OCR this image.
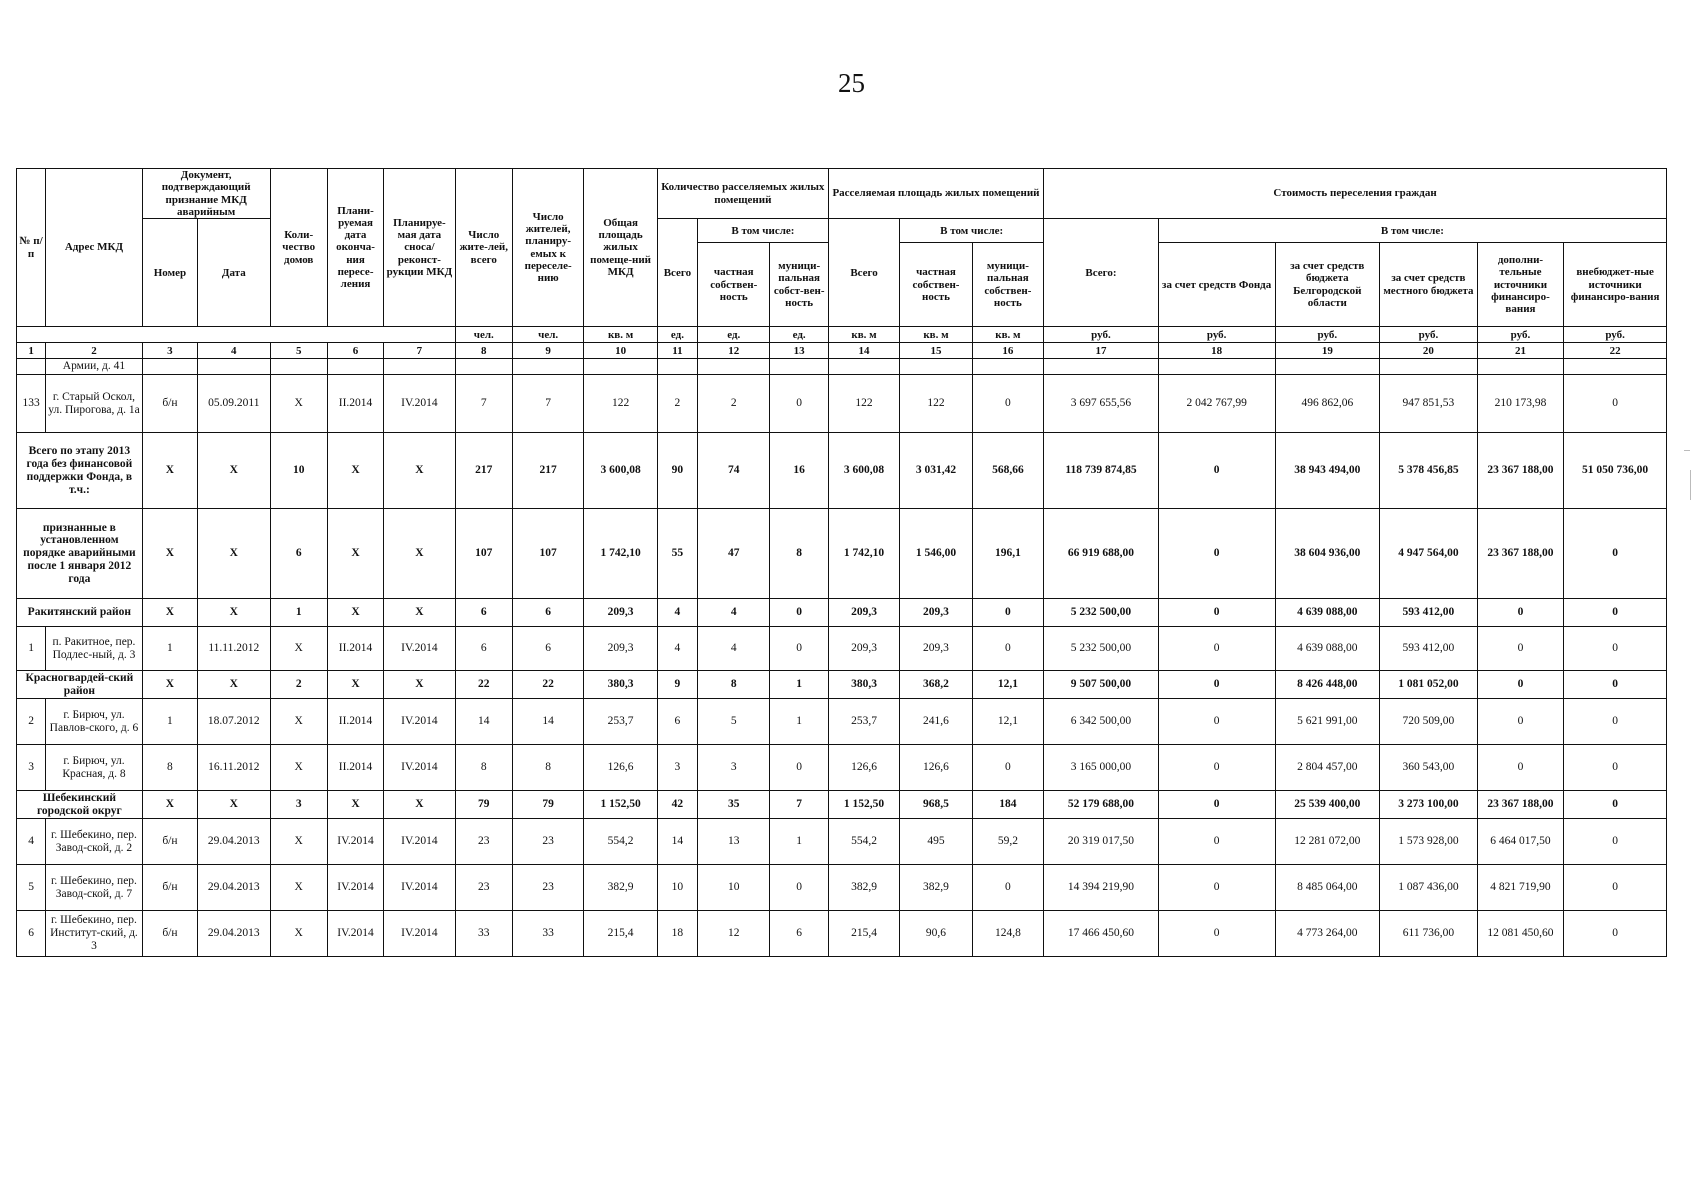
25
№ п/п	Адрес МКД	Документ, подтверждающий признание МКД аварийным		Коли-чество домов	Плани-руемая дата оконча-ния пересе-ления	Планируе-мая дата сноса/ реконст-рукции МКД	Число жите-лей, всего	Число жителей, планиру-емых к переселе-нию	Общая площадь жилых помеще-ний МКД	Количество расселяемых жилых помещений			Расселяемая площадь жилых помещений			Стоимость переселения граждан					
		Номер	Дата							Всего	В том числе:		Всего	В том числе:		Всего:	В том числе:				
											частная собствен-ность	муници-пальная собст-вен-ность		частная собствен-ность	муници-пальная собствен-ность		за счет средств Фонда	за счет средств бюджета Белгородской области	за счет средств местного бюджета	дополни-тельные источники финансиро-вания	внебюджет-ные источники финансиро-вания
							чел.	чел.	кв. м	ед.	ед.	ед.	кв. м	кв. м	кв. м	руб.	руб.	руб.	руб.	руб.	руб.
1	2	3	4	5	6	7	8	9	10	11	12	13	14	15	16	17	18	19	20	21	22
	Армии, д. 41																				
133	г. Старый Оскол, ул. Пирогова, д. 1а	б/н	05.09.2011	X	II.2014	IV.2014	7	7	122	2	2	0	122	122	0	3 697 655,56	2 042 767,99	496 862,06	947 851,53	210 173,98	0
Всего по этапу 2013 года без финансовой поддержки Фонда, в т.ч.:		X	X	10	X	X	217	217	3 600,08	90	74	16	3 600,08	3 031,42	568,66	118 739 874,85	0	38 943 494,00	5 378 456,85	23 367 188,00	51 050 736,00
признанные в установленном порядке аварийными после 1 января 2012 года		X	X	6	X	X	107	107	1 742,10	55	47	8	1 742,10	1 546,00	196,1	66 919 688,00	0	38 604 936,00	4 947 564,00	23 367 188,00	0
Ракитянский район		X	X	1	X	X	6	6	209,3	4	4	0	209,3	209,3	0	5 232 500,00	0	4 639 088,00	593 412,00	0	0
1	п. Ракитное, пер. Подлес-ный, д. 3	1	11.11.2012	X	II.2014	IV.2014	6	6	209,3	4	4	0	209,3	209,3	0	5 232 500,00	0	4 639 088,00	593 412,00	0	0
Красногвардей-ский район		X	X	2	X	X	22	22	380,3	9	8	1	380,3	368,2	12,1	9 507 500,00	0	8 426 448,00	1 081 052,00	0	0
2	г. Бирюч, ул. Павлов-ского, д. 6	1	18.07.2012	X	II.2014	IV.2014	14	14	253,7	6	5	1	253,7	241,6	12,1	6 342 500,00	0	5 621 991,00	720 509,00	0	0
3	г. Бирюч, ул. Красная, д. 8	8	16.11.2012	X	II.2014	IV.2014	8	8	126,6	3	3	0	126,6	126,6	0	3 165 000,00	0	2 804 457,00	360 543,00	0	0
Шебекинский городской округ		X	X	3	X	X	79	79	1 152,50	42	35	7	1 152,50	968,5	184	52 179 688,00	0	25 539 400,00	3 273 100,00	23 367 188,00	0
4	г. Шебекино, пер. Завод-ской, д. 2	б/н	29.04.2013	X	IV.2014	IV.2014	23	23	554,2	14	13	1	554,2	495	59,2	20 319 017,50	0	12 281 072,00	1 573 928,00	6 464 017,50	0
5	г. Шебекино, пер. Завод-ской, д. 7	б/н	29.04.2013	X	IV.2014	IV.2014	23	23	382,9	10	10	0	382,9	382,9	0	14 394 219,90	0	8 485 064,00	1 087 436,00	4 821 719,90	0
6	г. Шебекино, пер. Институт-ский, д. 3	б/н	29.04.2013	X	IV.2014	IV.2014	33	33	215,4	18	12	6	215,4	90,6	124,8	17 466 450,60	0	4 773 264,00	611 736,00	12 081 450,60	0
